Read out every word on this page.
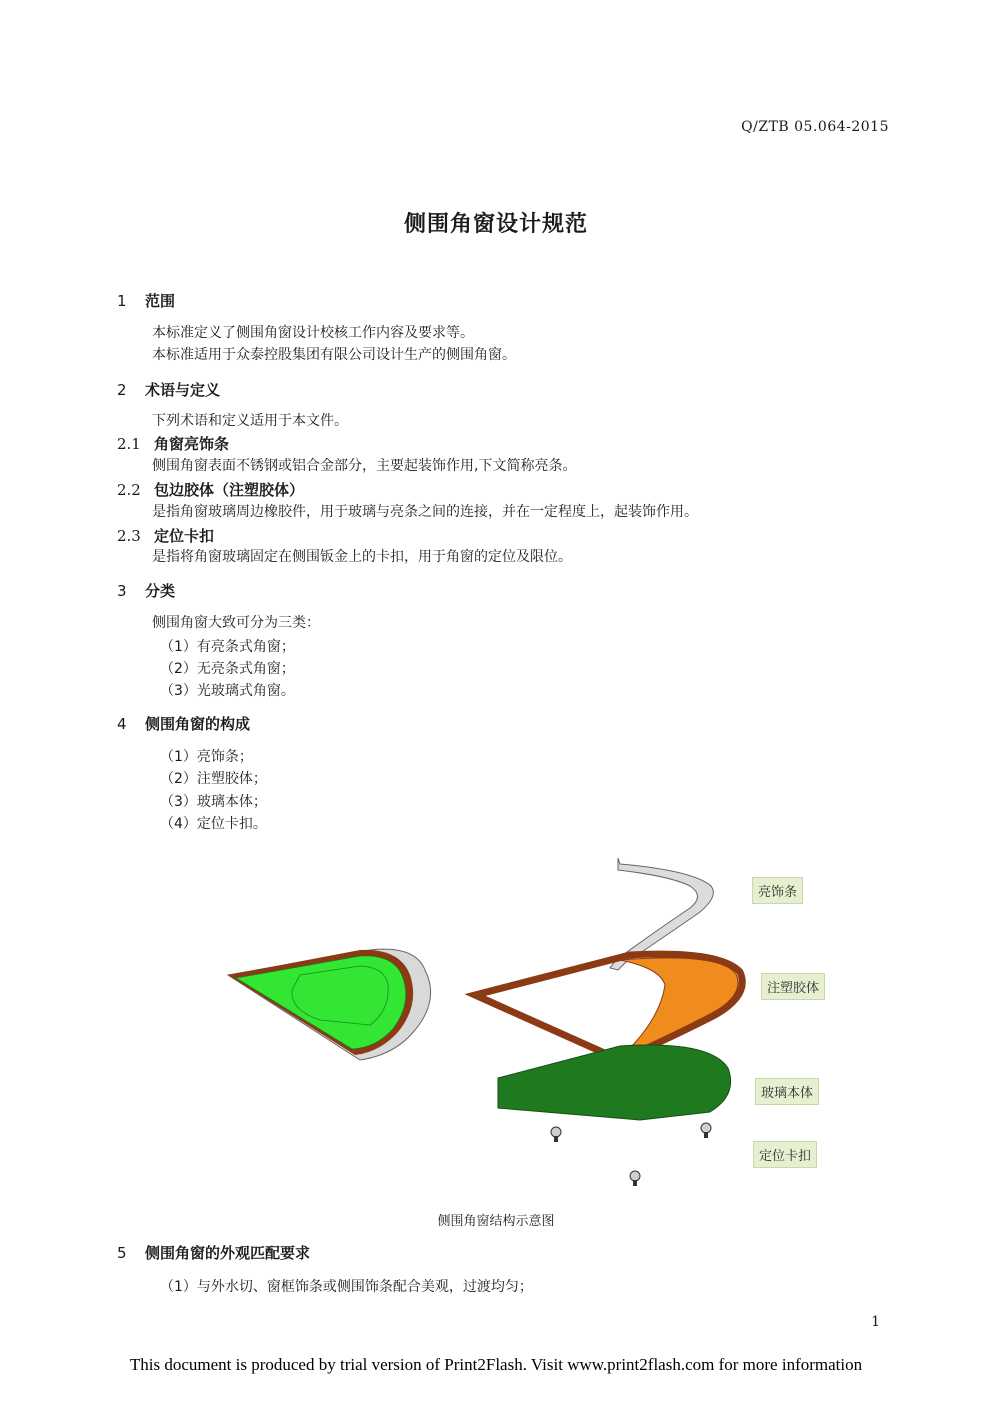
Q/ZTB 05.064-2015
侧围角窗设计规范
1 范围
本标准定义了侧围角窗设计校核工作内容及要求等。
本标准适用于众泰控股集团有限公司设计生产的侧围角窗。
2 术语与定义
下列术语和定义适用于本文件。
2.1 角窗亮饰条
侧围角窗表面不锈钢或铝合金部分，主要起装饰作用,下文简称亮条。
2.2 包边胶体（注塑胶体）
是指角窗玻璃周边橡胶件，用于玻璃与亮条之间的连接，并在一定程度上，起装饰作用。
2.3 定位卡扣
是指将角窗玻璃固定在侧围钣金上的卡扣，用于角窗的定位及限位。
3 分类
侧围角窗大致可分为三类：
（1）有亮条式角窗；
（2）无亮条式角窗；
（3）光玻璃式角窗。
4 侧围角窗的构成
（1）亮饰条；
（2）注塑胶体；
（3）玻璃本体；
（4）定位卡扣。
亮饰条
注塑胶体
玻璃本体
定位卡扣
侧围角窗结构示意图
5 侧围角窗的外观匹配要求
（1）与外水切、窗框饰条或侧围饰条配合美观，过渡均匀；
1
This document is produced by trial version of Print2Flash. Visit www.print2flash.com for more information
